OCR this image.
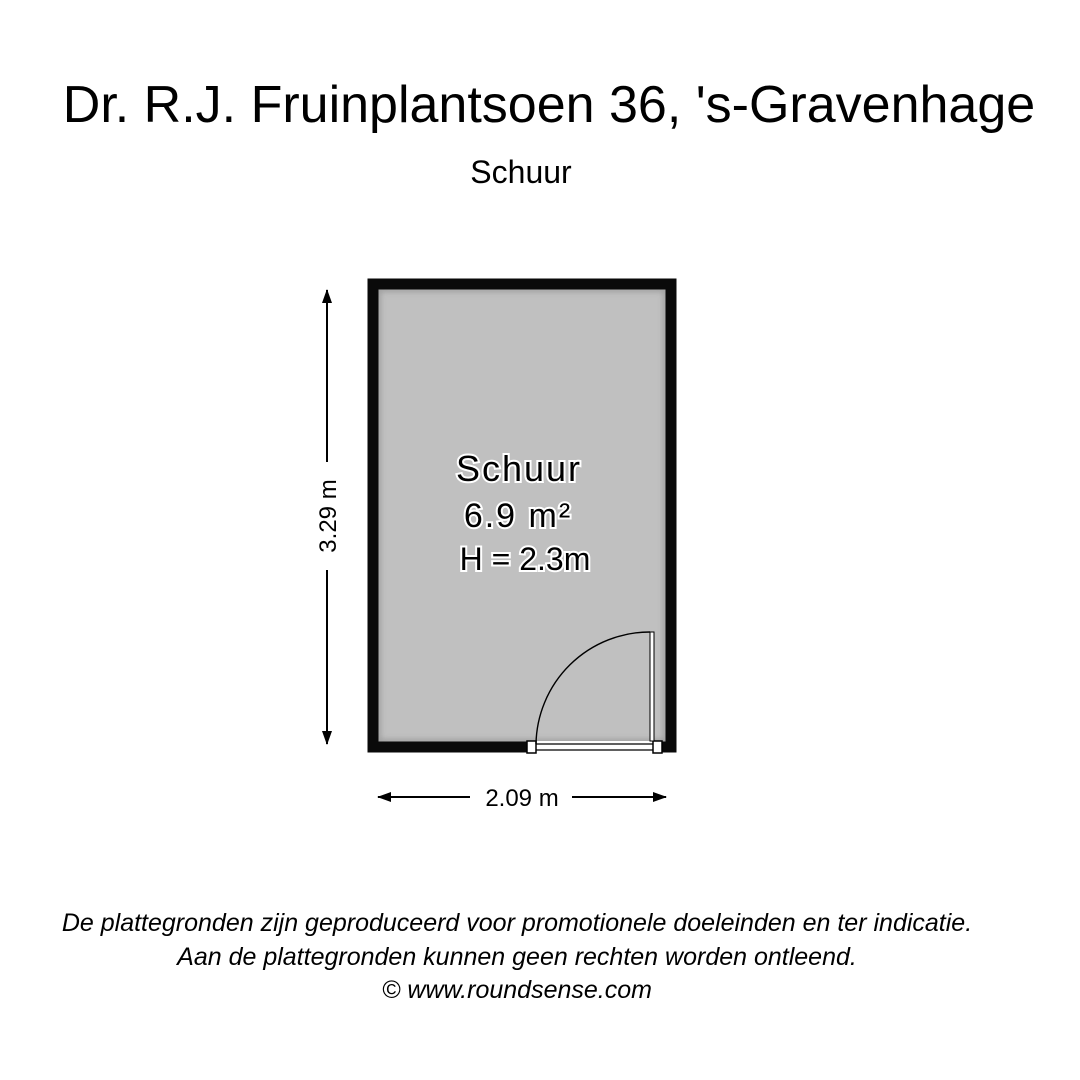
Dr. R.J. Fruinplantsoen 36, 's-Gravenhage
Schuur
Schuur
6.9 m²
H = 2.3m
3.29 m
2.09 m
De plattegronden zijn geproduceerd voor promotionele doeleinden en ter indicatie.
Aan de plattegronden kunnen geen rechten worden ontleend.
© www.roundsense.com
